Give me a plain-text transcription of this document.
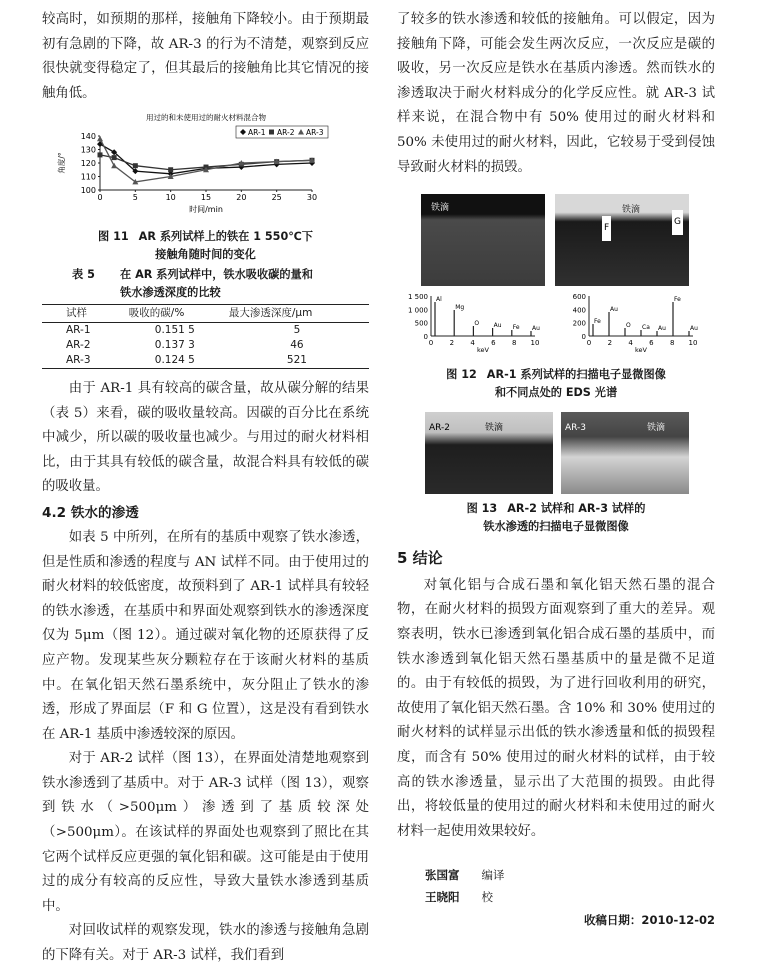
较高时，如预期的那样，接触角下降较小。由于预期最初有急剧的下降，故 AR-3 的行为不清楚，观察到反应很快就变得稳定了，但其最后的接触角比其它情况的接触角低。

用过的和未使用过的耐火材料混合物
0	5	10	15	20	25	30
100
110
120
130
140
时间/min
角度/°
AR-1 AR-2 AR-3
图 11 AR 系列试样上的铁在 1 550℃下
接触角随时间的变化
表 5 在 AR 系列试样中，铁水吸收碳的量和
铁水渗透深度的比较
试样	吸收的碳/%	最大渗透深度/μm
AR-1	0.151 5	5
AR-2	0.137 3	46
AR-3	0.124 5	521

由于 AR-1 具有较高的碳含量，故从碳分解的结果（表 5）来看，碳的吸收量较高。因碳的百分比在系统中减少，所以碳的吸收量也减少。与用过的耐火材料相比，由于其具有较低的碳含量，故混合料具有较低的碳的吸收量。

4.2 铁水的渗透

如表 5 中所列，在所有的基质中观察了铁水渗透，但是性质和渗透的程度与 AN 试样不同。由于使用过的耐火材料的较低密度，故预料到了 AR-1 试样具有较轻的铁水渗透，在基质中和界面处观察到铁水的渗透深度仅为 5μm（图 12）。通过碳对氧化物的还原获得了反应产物。发现某些灰分颗粒存在于该耐火材料的基质中。在氧化铝天然石墨系统中，灰分阻止了铁水的渗透，形成了界面层（F 和 G 位置），这是没有看到铁水在 AR-1 基质中渗透较深的原因。

对于 AR-2 试样（图 13），在界面处清楚地观察到铁水渗透到了基质中。对于 AR-3 试样（图 13），观察到铁水（>500μm）渗透到了基质较深处（>500μm）。在该试样的界面处也观察到了照比在其它两个试样反应更强的氧化铝和碳。这可能是由于使用过的成分有较高的反应性，导致大量铁水渗透到基质中。

对回收试样的观察发现，铁水的渗透与接触角急剧的下降有关。对于 AR-3 试样，我们看到

了较多的铁水渗透和较低的接触角。可以假定，因为接触角下降，可能会发生两次反应，一次反应是碳的吸收，另一次反应是铁水在基质内渗透。然而铁水的渗透取决于耐火材料成分的化学反应性。就 AR-3 试样来说，在混合物中有 50% 使用过的耐火材料和 50% 未使用过的耐火材料，因此，它较易于受到侵蚀导致耐火材料的损毁。

铁滴	铁滴
F
G
1 500
1 000
500
0
0 2 4 6 8 10
keV
Al
Mg
O Au Fe Au
600
400
200
0
0 2 4 6 8 10
keV
Fe
Au
O Ca Au
Fe
Au
图 12 AR-1 系列试样的扫描电子显微图像
和不同点处的 EDS 光谱
AR-2	铁滴	AR-3	铁滴
图 13 AR-2 试样和 AR-3 试样的
铁水渗透的扫描电子显微图像
5 结论

对氧化铝与合成石墨和氧化铝天然石墨的混合物，在耐火材料的损毁方面观察到了重大的差异。观察表明，铁水已渗透到氧化铝合成石墨的基质中，而铁水渗透到氧化铝天然石墨基质中的量是微不足道的。由于有较低的损毁，为了进行回收利用的研究，故使用了氧化铝天然石墨。含 10% 和 30% 使用过的耐火材料的试样显示出低的铁水渗透量和低的损毁程度，而含有 50% 使用过的耐火材料的试样，由于较高的铁水渗透量，显示出了大范围的损毁。由此得出，将较低量的使用过的耐火材料和未使用过的耐火材料一起使用效果较好。

张国富 编译
王晓阳 校
收稿日期：2010-12-02
